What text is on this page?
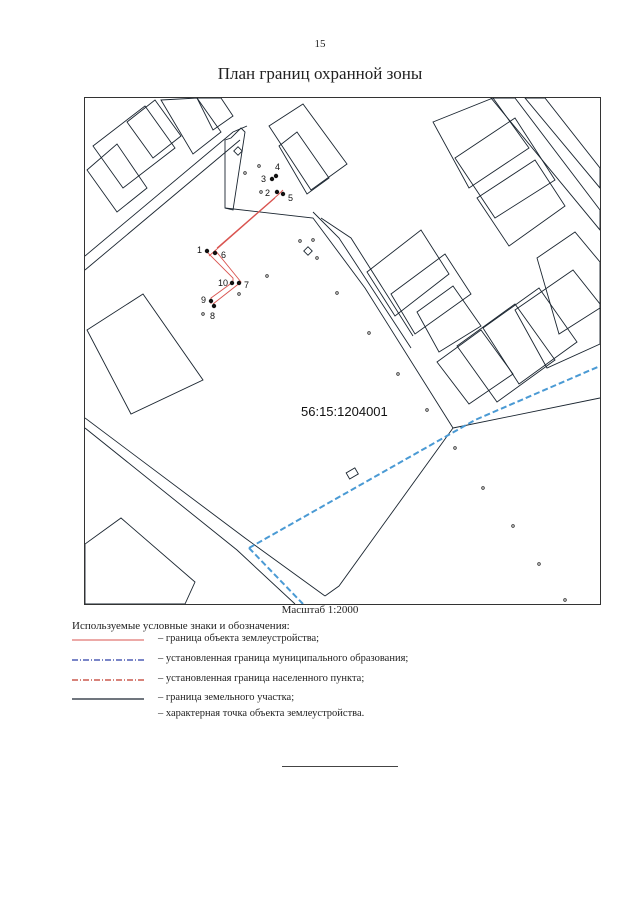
15
План границ охранной зоны
1
2
3
4
5
6
7
8
9
10
56:15:1204001
Масштаб 1:2000
Используемые условные знаки и обозначения:
– граница объекта землеустройства;
– установленная граница муниципального образования;
– установленная граница населенного пункта;
– граница земельного участка;
– характерная точка объекта землеустройства.
